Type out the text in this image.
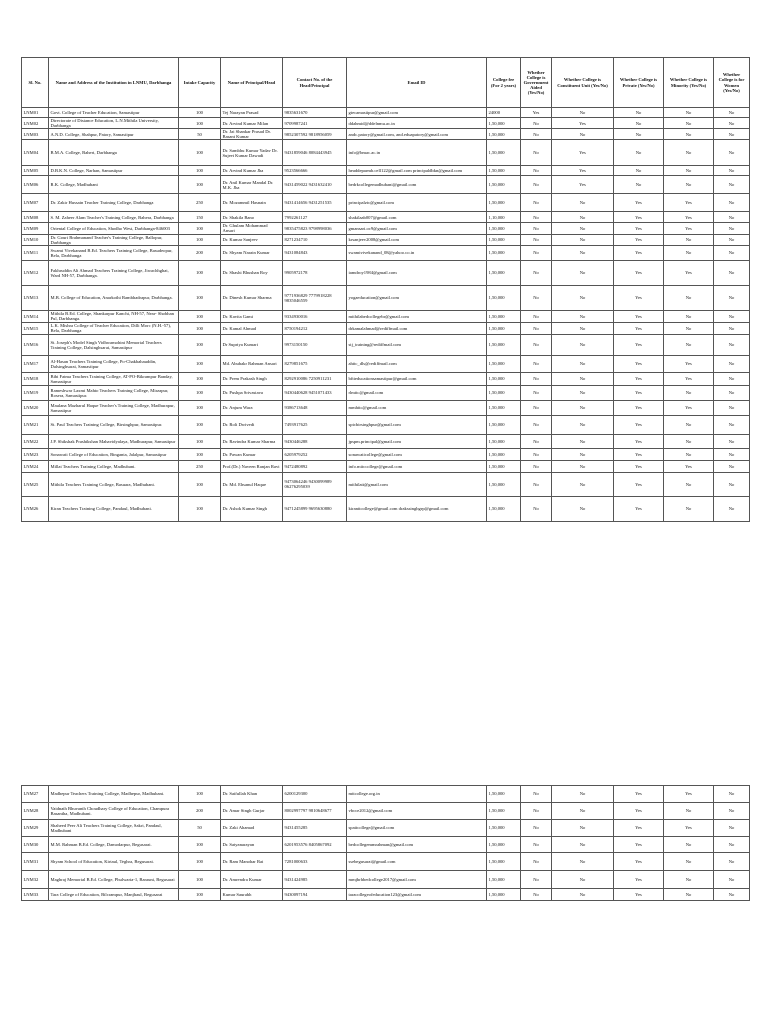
Sl. No.	Name and Address of the Institution in LNMU, Darbhanga	Intake Capacity	Name of Principal/Head	Contact No. of the Head/Principal	Email ID	College fee (For 2 years)	Whether College is Government Aided (Yes/No)	Whether College is Constituent Unit (Yes/No)	Whether College is Private (Yes/No)	Whether College is Minority (Yes/No)	Whether College is for Women (Yes/No)
LNM01	Govt. College of Teacher Education, Samastipur	100	Tej Narayan Prasad	9835631670	gtecamastipur@gmail.com	24000	Yes	No	No	No	No
LNM02	Directorate of Distance Education, L.N.Mithila University, Darbhanga	100	Dr. Arvind Kumar Milan	9709987241	ddahmid@ddelnmu.ac.in	1,50,000	No	Yes	No	No	No
LNM03	A.N.D. College, Shahpur, Patory, Samastipur	50	Dr. Jai Shankar Prasad Dr. Basant Kumar	9852307592 9818956059	andc.patory@gmail.com, and.eduapatory@gmail.com	1,50,000	No	No	No	No	No
LNM04	B.M.A. College, Baheri, Darbhanga	100	Dr. Sambhu Kumar Yadav Dr. Sujeet Kumar Dawadi	9431859046 8084443945	info@bmac.ac.in	1,50,000	No	Yes	No	No	No
LNM05	D.B.K.N. College, Narhan, Samastipur	100	Dr. Arvind Kumar Jha	9523566666	headdeparmb.cell122@gmail.com principaldbkn@gmail.com	1,50,000	No	Yes	No	No	No
LNM06	R.K. College, Madhubani	100	Dr. Anil Kumar Mandal Dr. M.K. Jha	9431459022 9431632410	bedrkcollegemadhubani@gmail.com	1,50,000	No	Yes	No	No	No
LNM07	Dr. Zakir Hussain Teacher Training College, Darbhanga	250	Dr. Mozammil Hasnain	9431414656 9431251535	principalztc@gmail.com	1,50,000	No	No	Yes	Yes	No
LNM08	S. M. Zaheer Alam Teacher's Training College, Bahera, Darbhanga	150	Dr. Shakila Bano	7992261127	shakilaab007@gmail.com	1,10,000	No	No	Yes	Yes	No
LNM09	Oriental College of Education, Shodho West, Darbhanga-846003	100	Dr. Ghulam Mohammad Ansari	9835475823 9798998036	gmansari.oc9@gmail.com	1,50,000	No	No	Yes	Yes	No
LNM10	Dr. Gouri Brahmanand Teacher's Training College, Ballopur, Darbhanga	100	Dr. Kumar Sanjeev	8271234710	krsanjeev2008@gmail.com	1,50,000	No	No	Yes	No	No
LNM11	Swami Vivekanand B.Ed. Teachers Training College, Basudeopur, Bela, Darbhanga	200	Dr. Shyam Narain Kumar	9431084843	swamivivekanand_08@yahoo.co.in	1,50,000	No	No	Yes	No	No
LNM12	Fakhruddin Ali Ahmad Teachers Training College, Jiwachhghat, Ward NH-57, Darbhanga.	100	Dr. Shashi Bhushan Roy	9905972178	iamdroy1984@gmail.com	1,50,000	No	No	Yes	Yes	No
LNM13	M.B. College of Education, Anarkothi Rambhadrapur, Darbhanga.	100	Dr. Dinesh Kumar Sharma	9771936829 7779918228 9835046559	yogaeducation@gmail.com	1,50,000	No	No	Yes	No	No
LNM14	Mithila B.Ed. College, Shankarpur Kanchi, NH-57, Near- Shobhan Pul, Darbhanga.	100	Dr. Kavita Gami	9334930016	mithilabedcollegebr@gmail.com	1,50,000	No	No	Yes	No	No
LNM15	L.K. Mishra College of Teacher Education, Dilli Morc (N.H.-57), Bela, Darbhanga	100	Dr. Kamal Ahmad	8750194212	drkamalahmad@rediffmail.com	1,50,000	No	No	Yes	No	No
LNM16	St. Joseph's Model Singh Vidhwamohini Memorial Teachers Training College, Dalsinghsarai, Samastipur	100	Dr Supriya Kumari	9973150150	stj_training@rediffmail.com	1,50,000	No	No	Yes	No	No
LNM17	Al-Hasan Teachers Training College, Po-Chakbahauddin, Dalsinghsarai, Samastipur	100	Md. Abubakr Rahman Ansari	8279851675	ahttc_dls@rediffmail.com	1,50,000	No	No	Yes	Yes	No
LNM18	Bibi Fatma Teachers Training College, AT-PO-Bikrampur Banday, Samastipur	100	Dr. Prem Prakash Singh	8292910086 7250911231	bftteducationsamastipur@gmail.com	1,50,000	No	No	Yes	Yes	No
LNM19	Rameshwar Laxmi Mahto Teachers Training College, Mirzapur, Rosera, Samastipur.	100	Dr. Pushpa Srivastava	9430440628 9451071433	rlmttc@gmail.com	1,50,000	No	No	Yes	No	No
LNM20	Maulana Mazharul Haque Teacher's Training College, Madhurapur, Samastipur	100	Dr. Anjum Wara	9386713648	mmhttc@gmail.com	1,50,000	No	No	Yes	Yes	No
LNM21	St. Paul Teachers Training College, Birsinghpur, Samastipur.	100	Dr. Roli Dwivedi	7493917625	sptcbirsinghpur@gmail.com	1,50,000	No	No	Yes	No	No
LNM22	J.P. Shikshak Prashikshan Mahavidyalaya, Madhurapur, Samastipur	100	Dr. Ravindra Kumar Sharma	9430446288	jpspm.principal@gmail.com	1,50,000	No	No	Yes	No	No
LNM23	Sonawati College of Education, Binganta, Jalalpur, Samastipur	100	Dr. Pawan Kumar	6205979252	sonawaticollege@gmail.com	1,50,000	No	No	Yes	No	No
LNM24	Millat Teachers Training College, Madhubani.	250	Prof.(Dr.) Naveen Ranjan Ravi	9472480892	info.mttccollege@gmail.com	1,50,000	No	No	Yes	Yes	No
LNM25	Mithila Teachers Training College, Basuara, Madhubani.	100	Dr. Md. Ehsanul Haque	9473064246 9430099989 06276295039	mithilatt@gmail.com	1,50,000	No	No	Yes	No	No
LNM26	Kiran Teachers Training College, Pandaul, Madhubani.	100	Dr. Ashok Kumar Singh	9471245899 9695630880	kiranttcollege@gmail.com drakssingbgrp@gmail.com	1,50,000	No	No	Yes	No	No
LNM27	Madhepur Teachers Training College, Madhepur, Madhubani.	100	Dr. Saifullah Khan	6200129300	mttcollege.org.in	1,50,000	No	No	Yes	Yes	No
LNM28	Vaidnath Bhuvanth Choudhary College of Education, Champura Basantha, Madhubani.	200	Dr. Amar Singh Gurjar	8002997797 9810648677	vbcce2012@gmail.com	1,50,000	No	No	Yes	No	No
LNM29	Shaheed Peer Ali Teachers Training College, Sakri, Pandaul, Madhubani	50	Dr. Zaki Ahamad	9431455285	spattcollege@gmail.com	1,50,000	No	No	Yes	Yes	No
LNM30	M.M. Rahman B.Ed. College, Damodarpur, Begusarai.	100	Dr. Satyanarayan	6201953576 8405867092	bedcollegemmrahman@gmail.com	1,50,000	No	No	Yes	No	No
LNM31	Shyam School of Education, Kirtaul, Teghra, Begusarai.	100	Dr. Ram Manohar Rai	7281000633	ssebegusarai@gmail.com	1,50,000	No	No	Yes	No	No
LNM32	Maghraj Memorial B.Ed. College, Phulwaria-1, Barauni, Begusarai	100	Dr. Amrendra Kumar	9431424985	mmjbrhbedcollege2017@gmail.com	1,50,000	No	No	Yes	No	No
LNM33	Tara College of Education, Bilcrampur, Manjhaul, Begusarai	100	Kumar Saurabh	9430097194	taracollegeofeducation123@gmail.com	1,50,000	No	No	Yes	No	No
